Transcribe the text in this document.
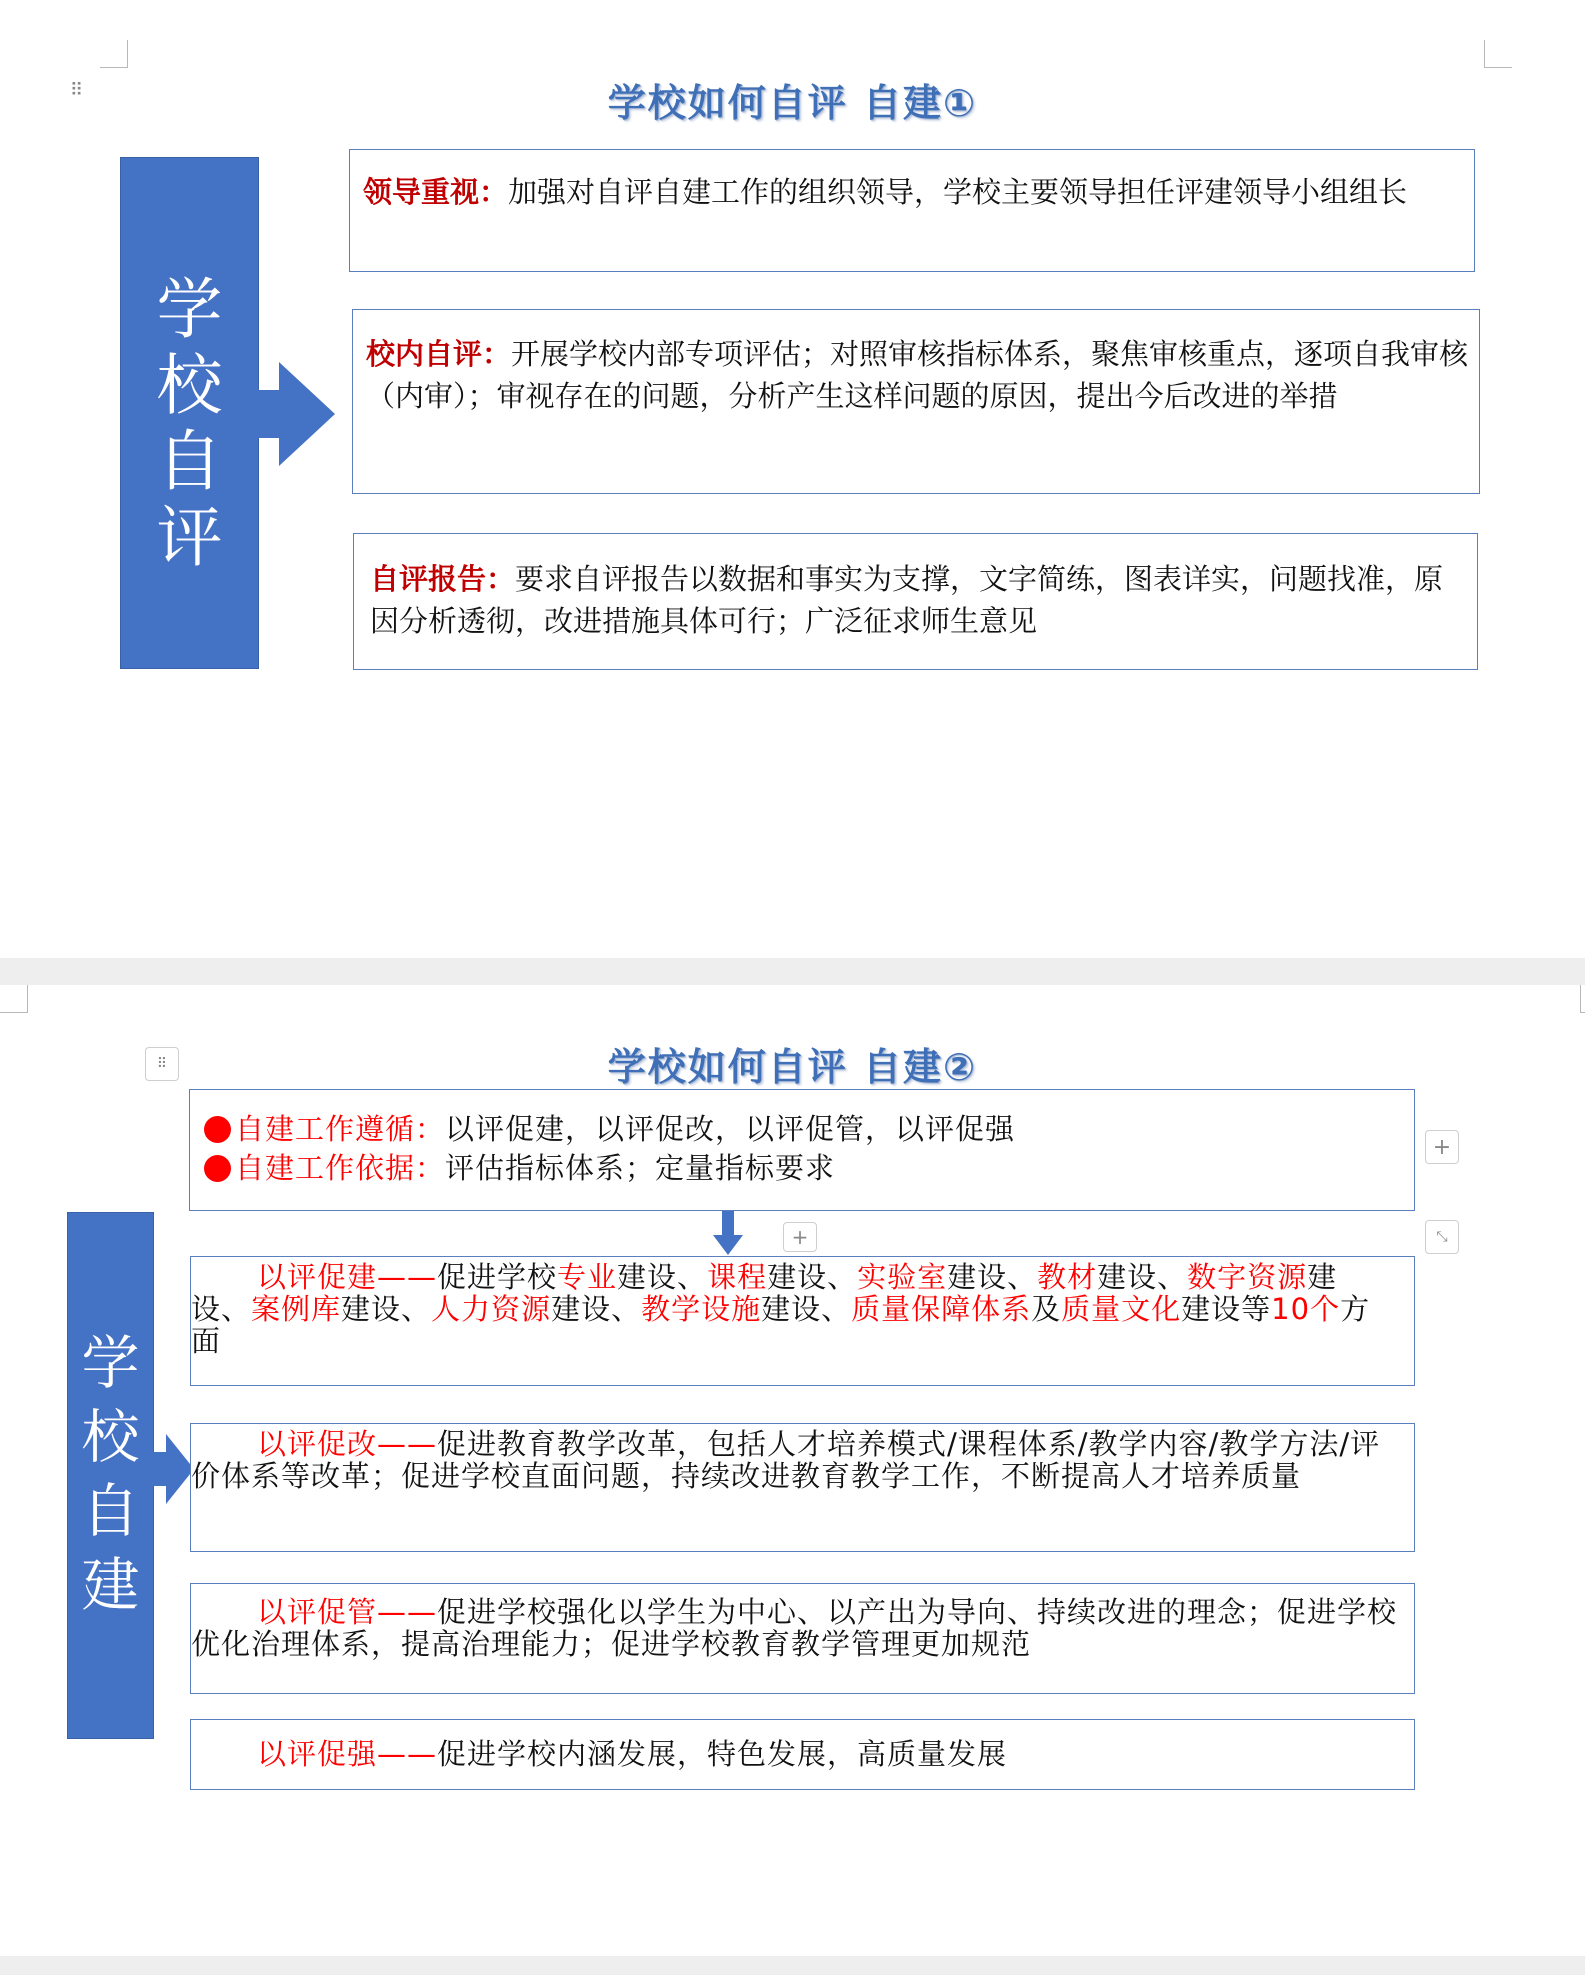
⠿	学校如何自评 自建①
学
校
自
评
领导重视：加强对自评自建工作的组织领导，学校主要领导担任评建领导小组组长
校内自评：开展学校内部专项评估；对照审核指标体系，聚焦审核重点，逐项自我审核（内审）；审视存在的问题，分析产生这样问题的原因，提出今后改进的举措
自评报告：要求自评报告以数据和事实为支撑，文字简练，图表详实，问题找准，原因分析透彻，改进措施具体可行；广泛征求师生意见
⠿	学校如何自评 自建②
学
校
自
建
自建工作遵循：以评促建，以评促改，以评促管，以评促强
自建工作依据：评估指标体系；定量指标要求
+
⤡
+
以评促建——促进学校专业建设、课程建设、实验室建设、教材建设、数字资源建设、案例库建设、人力资源建设、教学设施建设、质量保障体系及质量文化建设等10个方面
以评促改——促进教育教学改革，包括人才培养模式/课程体系/教学内容/教学方法/评价体系等改革；促进学校直面问题，持续改进教育教学工作，不断提高人才培养质量
以评促管——促进学校强化以学生为中心、以产出为导向、持续改进的理念；促进学校优化治理体系，提高治理能力；促进学校教育教学管理更加规范
以评促强——促进学校内涵发展，特色发展，高质量发展
